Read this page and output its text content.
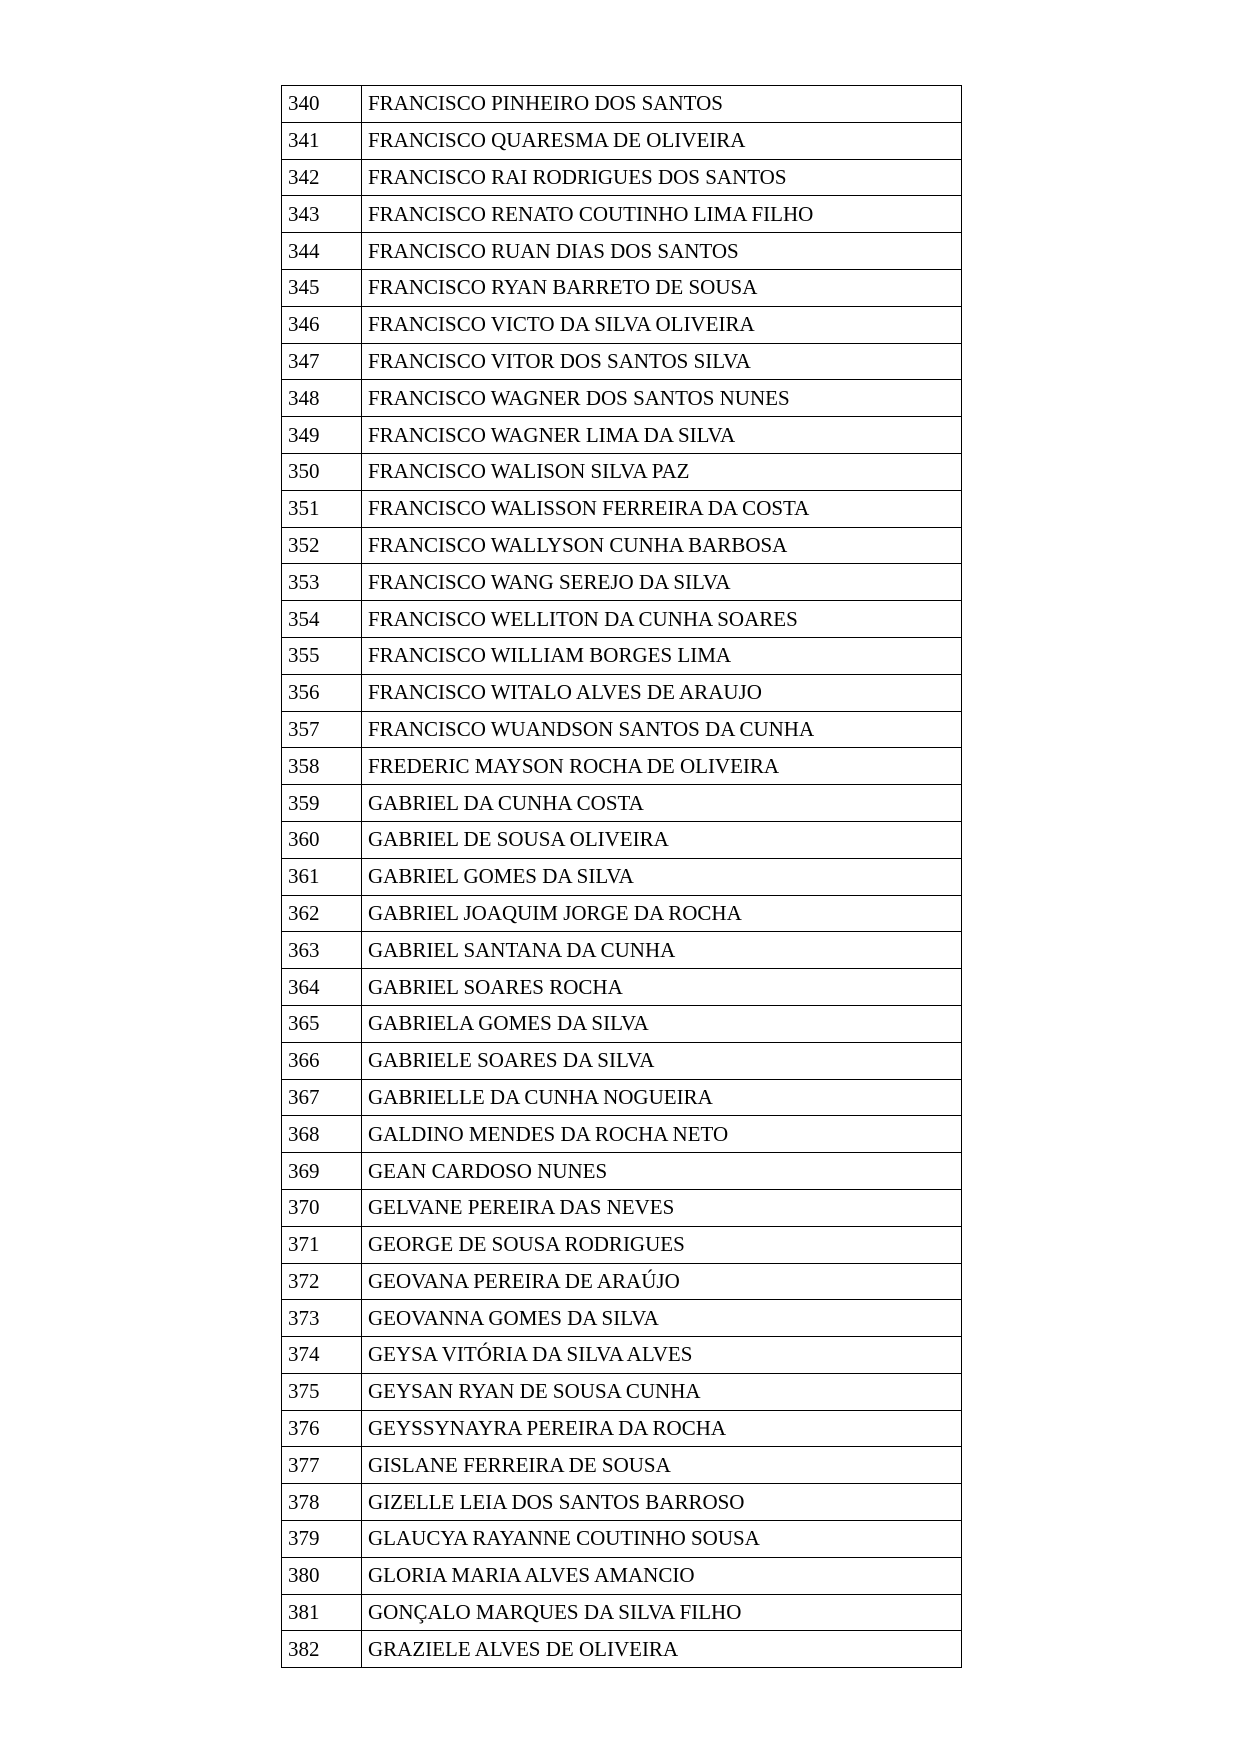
340	FRANCISCO PINHEIRO DOS SANTOS
341	FRANCISCO QUARESMA DE OLIVEIRA
342	FRANCISCO RAI RODRIGUES DOS SANTOS
343	FRANCISCO RENATO COUTINHO LIMA FILHO
344	FRANCISCO RUAN DIAS DOS SANTOS
345	FRANCISCO RYAN BARRETO DE SOUSA
346	FRANCISCO VICTO DA SILVA OLIVEIRA
347	FRANCISCO VITOR DOS SANTOS SILVA
348	FRANCISCO WAGNER DOS SANTOS NUNES
349	FRANCISCO WAGNER LIMA DA SILVA
350	FRANCISCO WALISON SILVA PAZ
351	FRANCISCO WALISSON FERREIRA DA COSTA
352	FRANCISCO WALLYSON CUNHA BARBOSA
353	FRANCISCO WANG SEREJO DA SILVA
354	FRANCISCO WELLITON DA CUNHA SOARES
355	FRANCISCO WILLIAM BORGES LIMA
356	FRANCISCO WITALO ALVES DE ARAUJO
357	FRANCISCO WUANDSON SANTOS DA CUNHA
358	FREDERIC MAYSON ROCHA DE OLIVEIRA
359	GABRIEL DA CUNHA COSTA
360	GABRIEL DE SOUSA OLIVEIRA
361	GABRIEL GOMES DA SILVA
362	GABRIEL JOAQUIM JORGE DA ROCHA
363	GABRIEL SANTANA DA CUNHA
364	GABRIEL SOARES ROCHA
365	GABRIELA GOMES DA SILVA
366	GABRIELE SOARES DA SILVA
367	GABRIELLE DA CUNHA NOGUEIRA
368	GALDINO MENDES DA ROCHA NETO
369	GEAN CARDOSO NUNES
370	GELVANE PEREIRA DAS NEVES
371	GEORGE DE SOUSA RODRIGUES
372	GEOVANA PEREIRA DE ARAÚJO
373	GEOVANNA GOMES DA SILVA
374	GEYSA VITÓRIA DA SILVA ALVES
375	GEYSAN RYAN DE SOUSA CUNHA
376	GEYSSYNAYRA PEREIRA DA ROCHA
377	GISLANE FERREIRA DE SOUSA
378	GIZELLE LEIA DOS SANTOS BARROSO
379	GLAUCYA RAYANNE COUTINHO SOUSA
380	GLORIA MARIA ALVES AMANCIO
381	GONÇALO MARQUES DA SILVA FILHO
382	GRAZIELE ALVES DE OLIVEIRA
